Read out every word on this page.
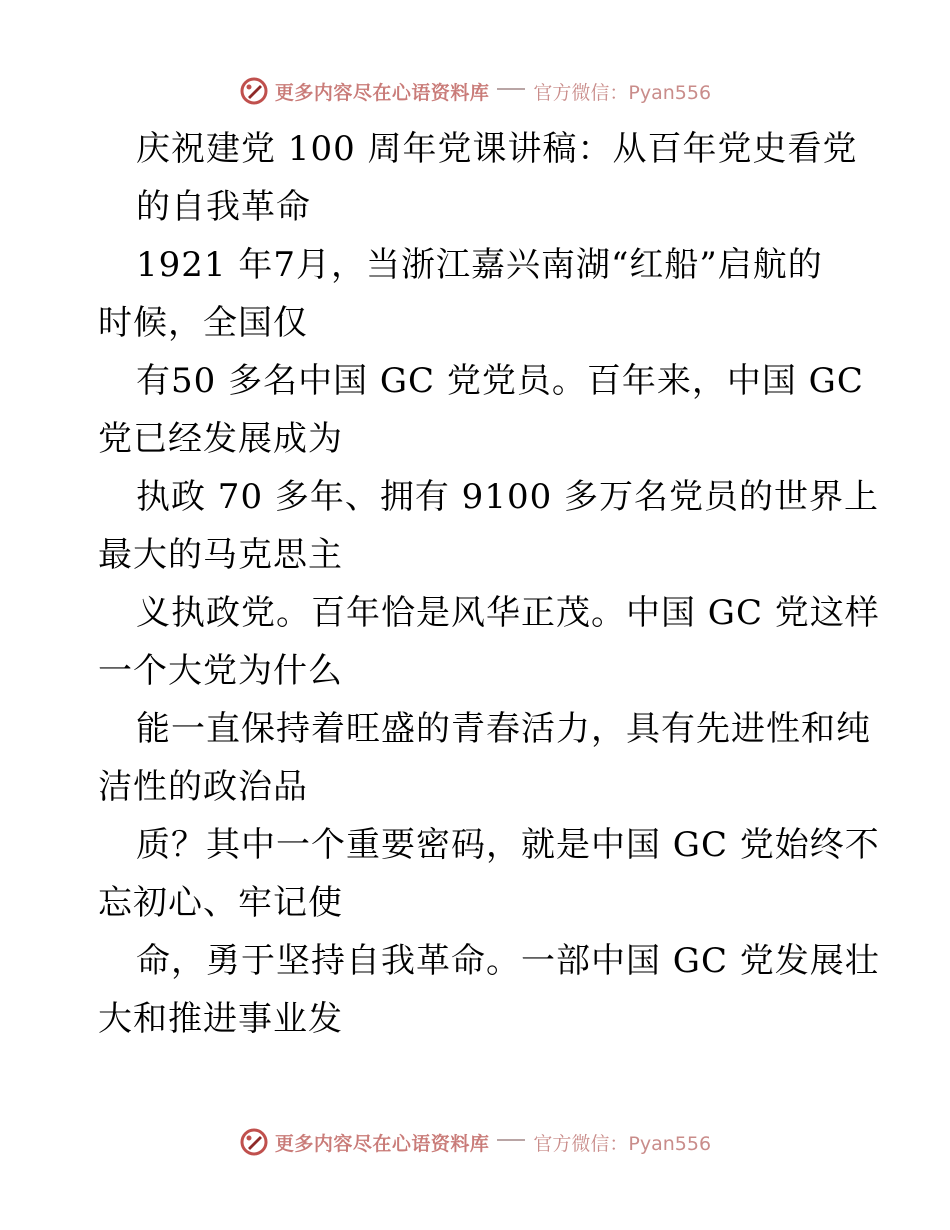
更多内容尽在心语资料库 官方微信：Pyan556
庆祝建党 100 周年党课讲稿：从百年党史看党
的自我革命
1921 年7月，当浙江嘉兴南湖“红船”启航的
时候，全国仅
有50 多名中国 GC 党党员。百年来，中国 GC
党已经发展成为
执政 70 多年、拥有 9100 多万名党员的世界上
最大的马克思主
义执政党。百年恰是风华正茂。中国 GC 党这样
一个大党为什么
能一直保持着旺盛的青春活力，具有先进性和纯
洁性的政治品
质？其中一个重要密码，就是中国 GC 党始终不
忘初心、牢记使
命，勇于坚持自我革命。一部中国 GC 党发展壮
大和推进事业发
更多内容尽在心语资料库 官方微信：Pyan556
